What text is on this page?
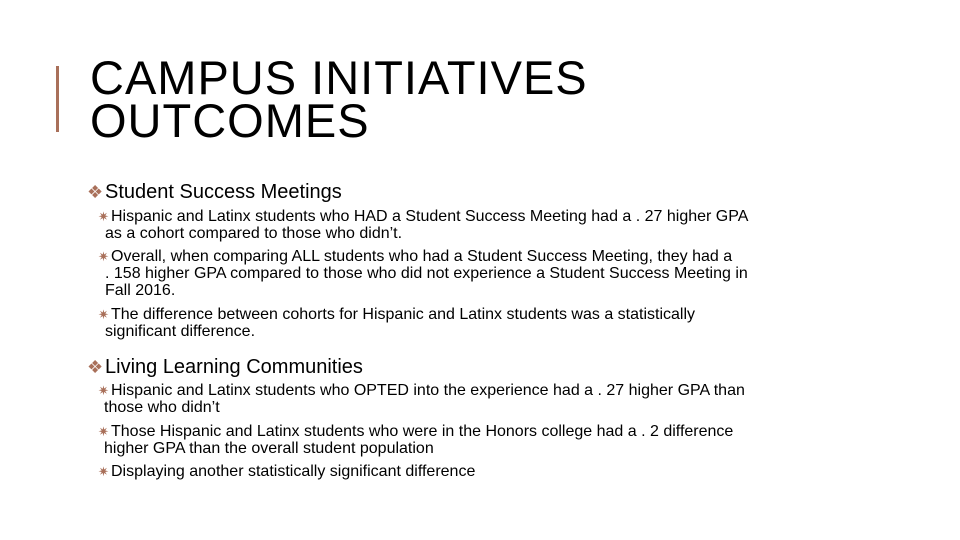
CAMPUS INITIATIVES
OUTCOMES
❖Student Success Meetings
✷ Hispanic and Latinx students who HAD a Student Success Meeting had a . 27 higher GPA
as a cohort compared to those who didn’t.
✷ Overall, when comparing ALL students who had a Student Success Meeting, they had a
. 158 higher GPA compared to those who did not experience a Student Success Meeting in
Fall 2016.
✷ The difference between cohorts for Hispanic and Latinx students was a statistically
significant difference.
❖Living Learning Communities
✷ Hispanic and Latinx students who OPTED into the experience had a . 27 higher GPA than
those who didn’t
✷ Those Hispanic and Latinx students who were in the Honors college had a . 2 difference
higher GPA than the overall student population
✷ Displaying another statistically significant difference
